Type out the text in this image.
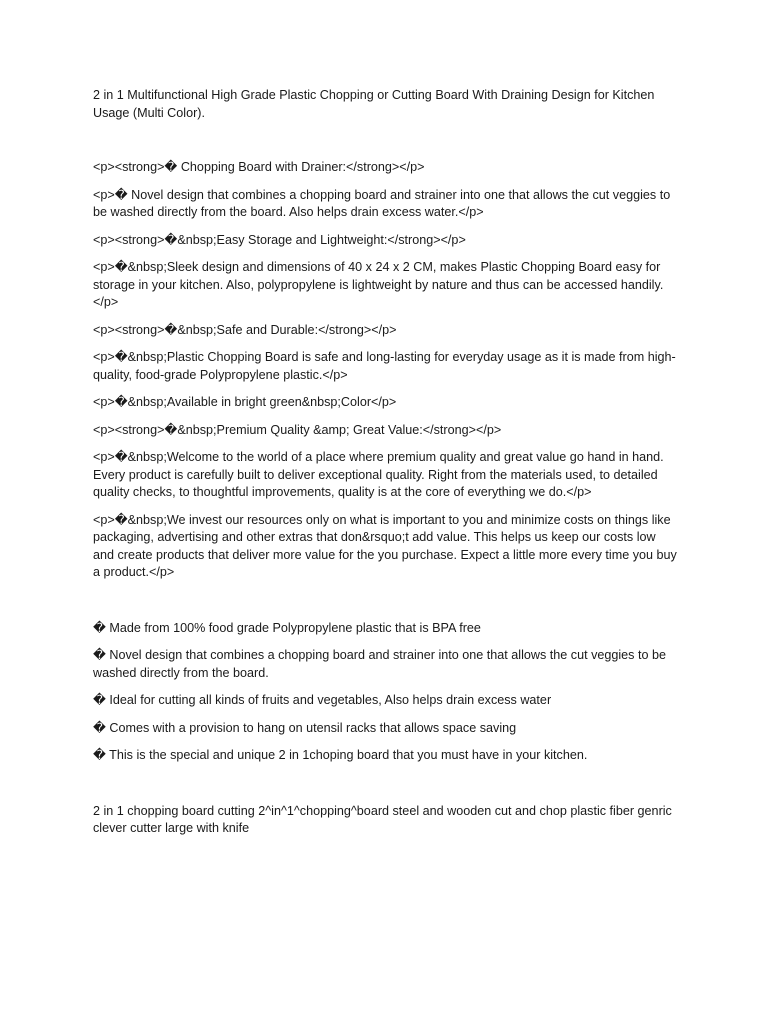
2 in 1 Multifunctional High Grade Plastic Chopping or Cutting Board With Draining Design for Kitchen Usage (Multi Color).

<p><strong>� Chopping Board with Drainer:</strong></p>

<p>� Novel design that combines a chopping board and strainer into one that allows the cut veggies to be washed directly from the board. Also helps drain excess water.</p>

<p><strong>�&nbsp;Easy Storage and Lightweight:</strong></p>

<p>�&nbsp;Sleek design and dimensions of 40 x 24 x 2 CM, makes Plastic Chopping Board easy for storage in your kitchen. Also, polypropylene is lightweight by nature and thus can be accessed handily.</p>

<p><strong>�&nbsp;Safe and Durable:</strong></p>

<p>�&nbsp;Plastic Chopping Board is safe and long-lasting for everyday usage as it is made from high-quality, food-grade Polypropylene plastic.</p>

<p>�&nbsp;Available in bright green&nbsp;Color</p>

<p><strong>�&nbsp;Premium Quality &amp; Great Value:</strong></p>

<p>�&nbsp;Welcome to the world of a place where premium quality and great value go hand in hand. Every product is carefully built to deliver exceptional quality. Right from the materials used, to detailed quality checks, to thoughtful improvements, quality is at the core of everything we do.</p>

<p>�&nbsp;We invest our resources only on what is important to you and minimize costs on things like packaging, advertising and other extras that don&rsquo;t add value. This helps us keep our costs low and create products that deliver more value for the you purchase. Expect a little more every time you buy a product.</p>

� Made from 100% food grade Polypropylene plastic that is BPA free

� Novel design that combines a chopping board and strainer into one that allows the cut veggies to be washed directly from the board.

� Ideal for cutting all kinds of fruits and vegetables, Also helps drain excess water

� Comes with a provision to hang on utensil racks that allows space saving

� This is the special and unique 2 in 1choping board that you must have in your kitchen.

2 in 1 chopping board cutting 2^in^1^chopping^board steel and wooden cut and chop plastic fiber genric clever cutter large with knife
